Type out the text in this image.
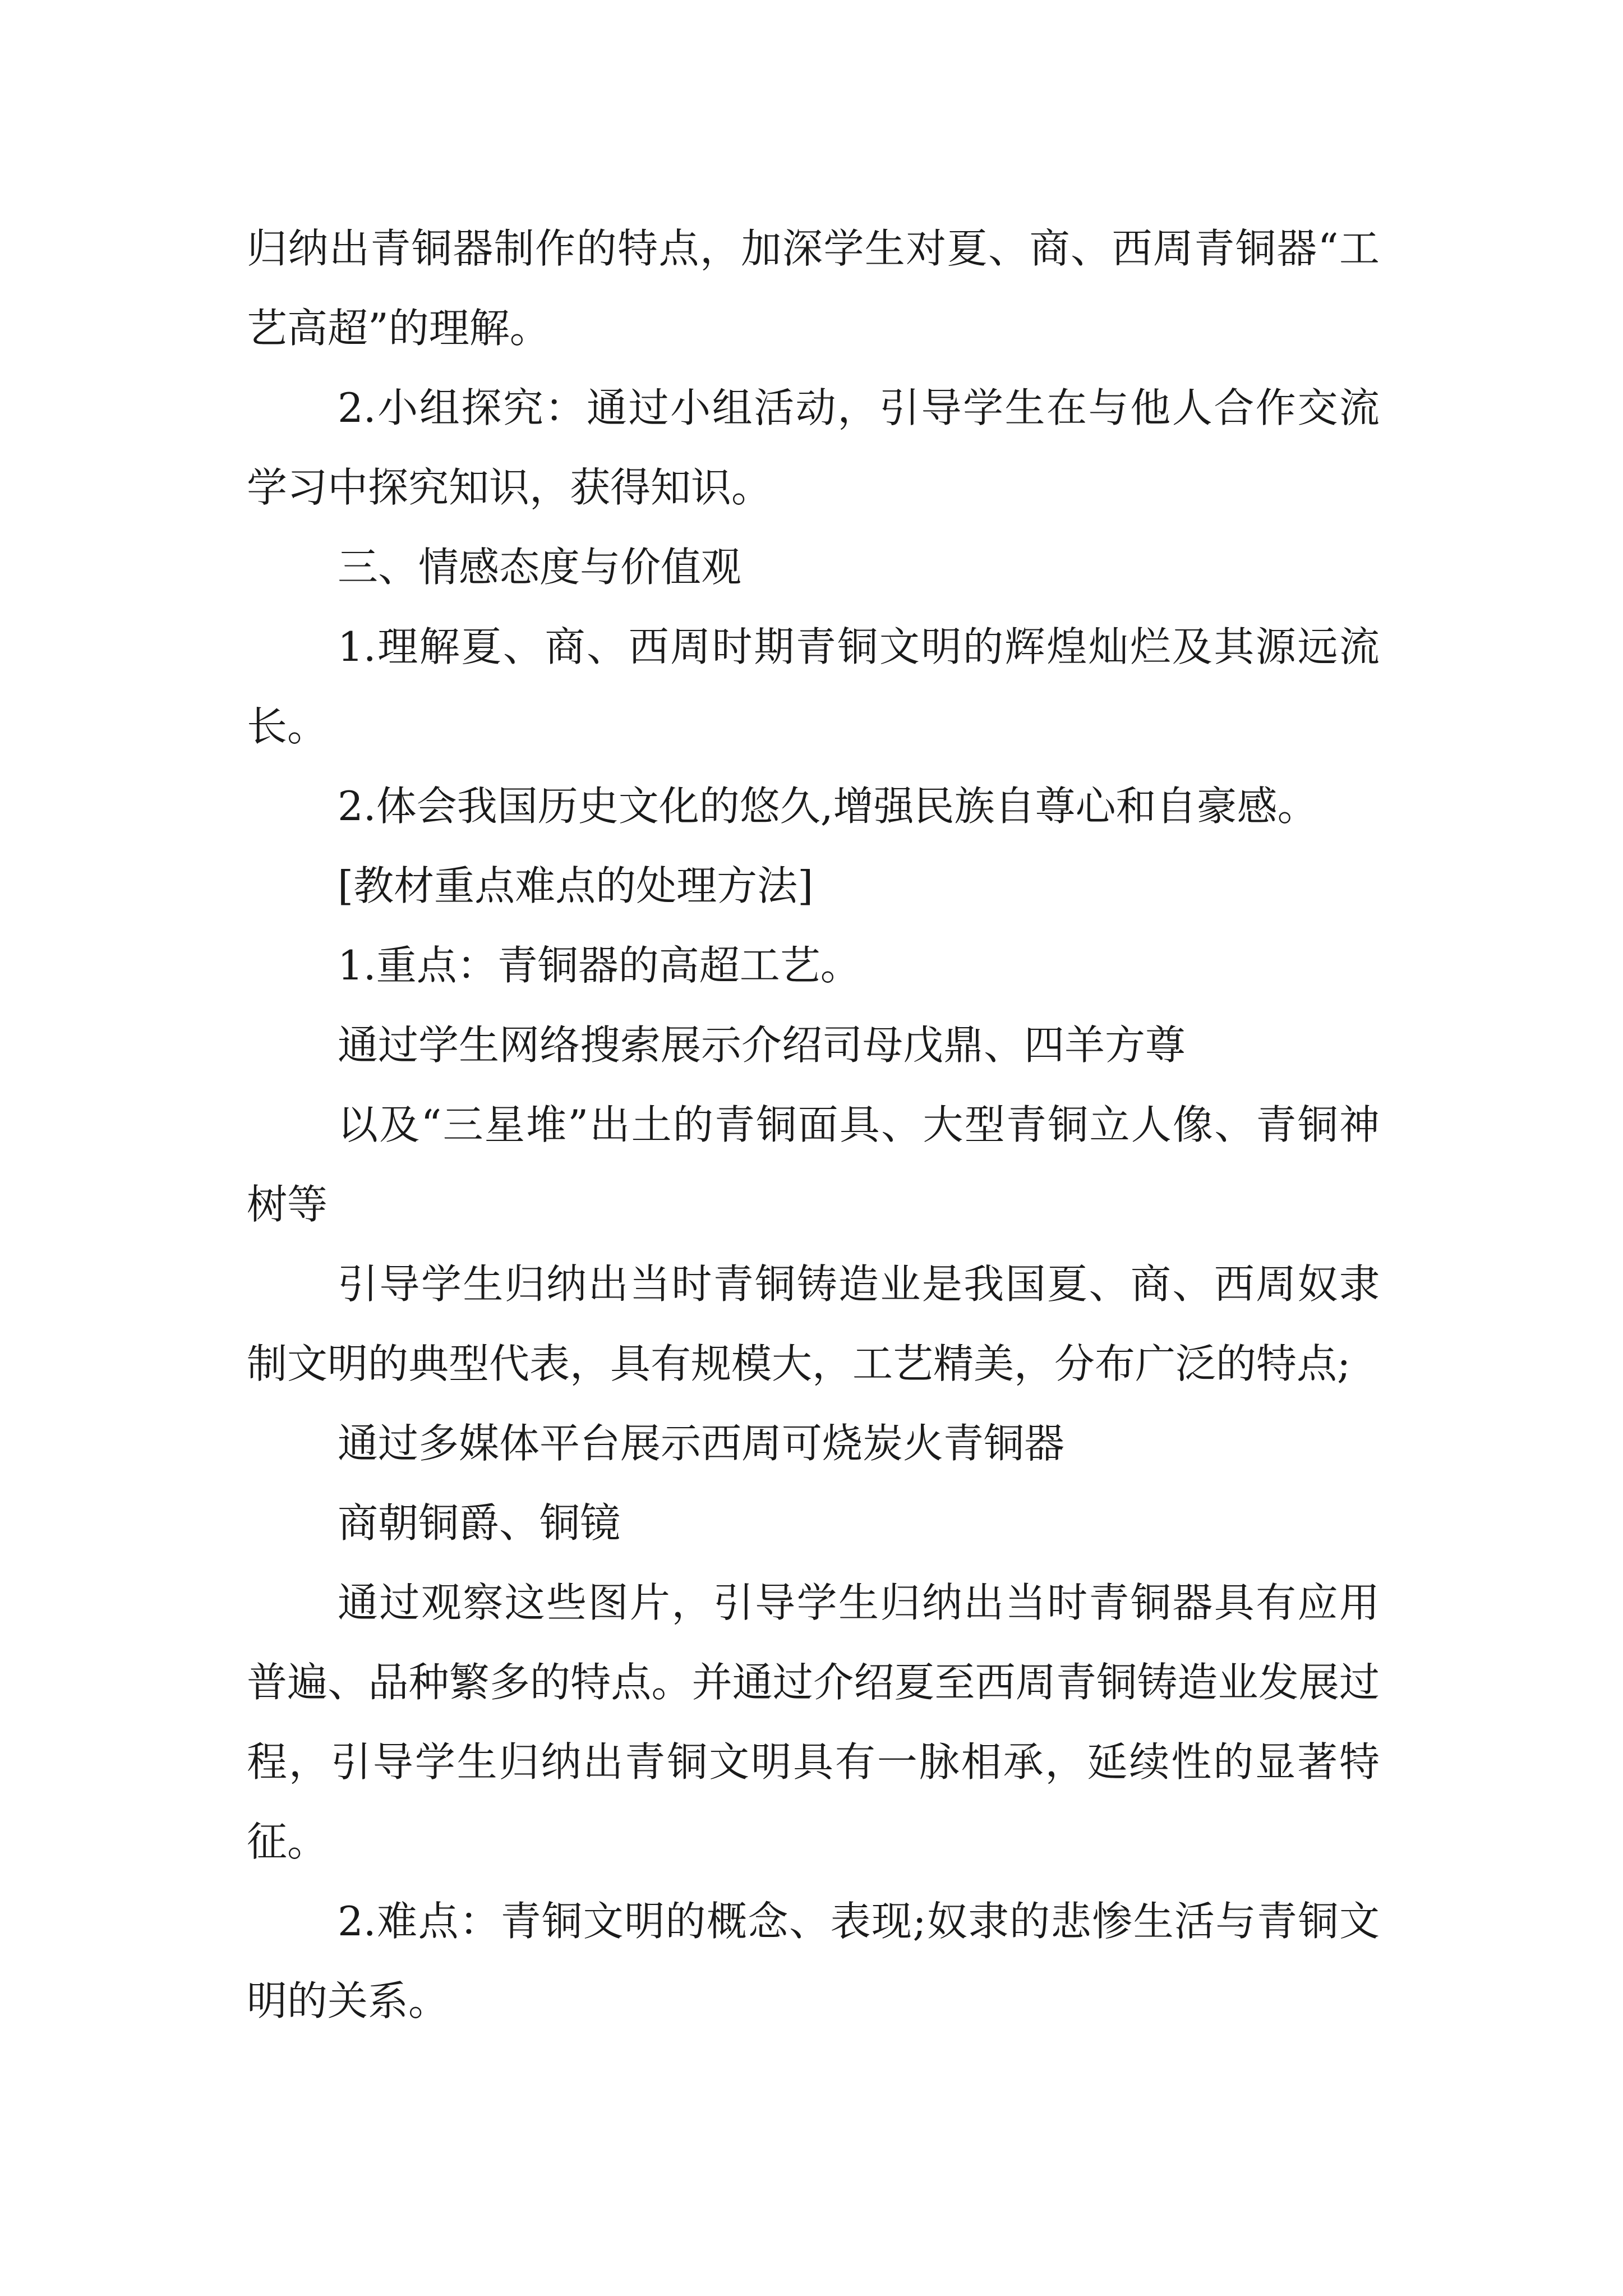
归纳出青铜器制作的特点，加深学生对夏、商、西周青铜器“工艺高超”的理解。

2.小组探究：通过小组活动，引导学生在与他人合作交流学习中探究知识，获得知识。

三、情感态度与价值观

1.理解夏、商、西周时期青铜文明的辉煌灿烂及其源远流长。

2.体会我国历史文化的悠久,增强民族自尊心和自豪感。

[教材重点难点的处理方法]

1.重点：青铜器的高超工艺。

通过学生网络搜索展示介绍司母戊鼎、四羊方尊

以及“三星堆”出土的青铜面具、大型青铜立人像、青铜神树等

引导学生归纳出当时青铜铸造业是我国夏、商、西周奴隶制文明的典型代表，具有规模大，工艺精美，分布广泛的特点;

通过多媒体平台展示西周可烧炭火青铜器

商朝铜爵、铜镜

通过观察这些图片，引导学生归纳出当时青铜器具有应用普遍、品种繁多的特点。并通过介绍夏至西周青铜铸造业发展过程，引导学生归纳出青铜文明具有一脉相承，延续性的显著特征。

2.难点：青铜文明的概念、表现;奴隶的悲惨生活与青铜文明的关系。
